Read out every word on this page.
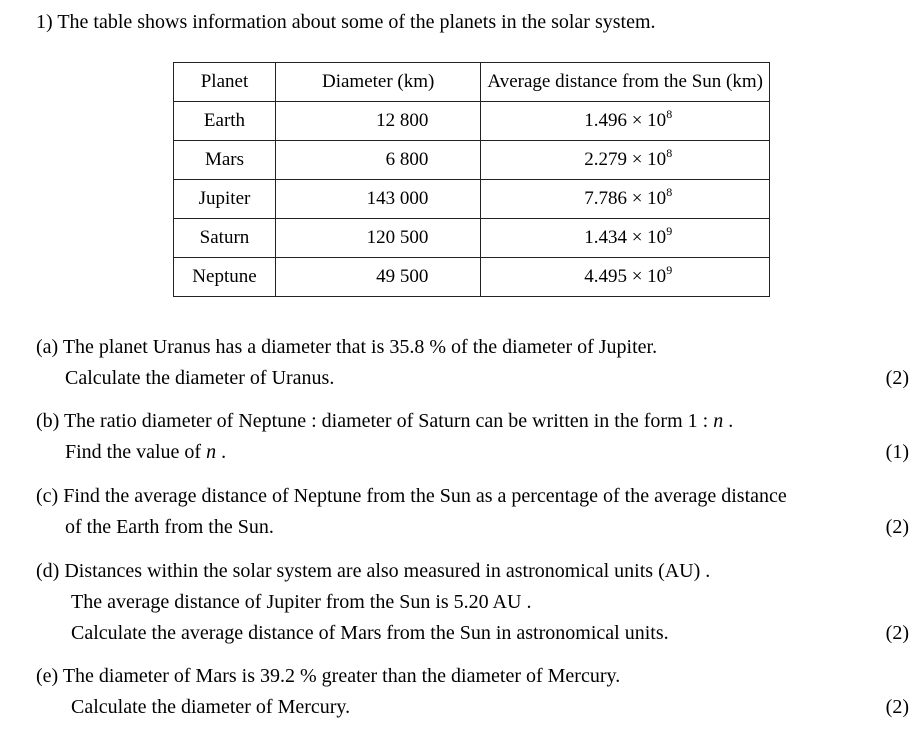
1) The table shows information about some of the planets in the solar system.
Planet	Diameter (km)	Average distance from the Sun (km)
Earth	12 800	$1.496 \times 10^8$
Mars	6 800	$2.279 \times 10^8$
Jupiter	143 000	$7.786 \times 10^8$
Saturn	120 500	$1.434 \times 10^9$
Neptune	49 500	$4.495 \times 10^9$
(a) The planet Uranus has a diameter that is 35.8 % of the diameter of Jupiter.
Calculate the diameter of Uranus.	(2)
(b) The ratio diameter of Neptune : diameter of Saturn can be written in the form 1 : n .
Find the value of n .	(1)
(c) Find the average distance of Neptune from the Sun as a percentage of the average distance
of the Earth from the Sun.	(2)
(d) Distances within the solar system are also measured in astronomical units (AU) .
The average distance of Jupiter from the Sun is 5.20 AU .
Calculate the average distance of Mars from the Sun in astronomical units.	(2)
(e) The diameter of Mars is 39.2 % greater than the diameter of Mercury.
Calculate the diameter of Mercury.	(2)
